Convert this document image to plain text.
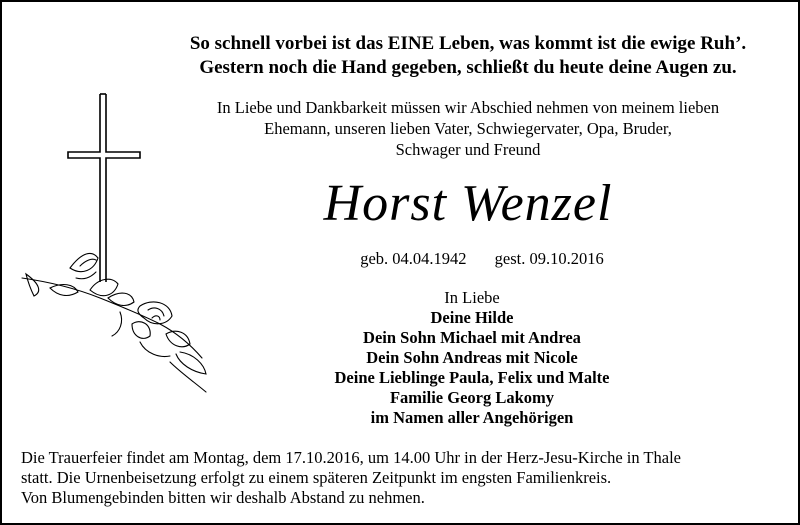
So schnell vorbei ist das EINE Leben, was kommt ist die ewige Ruh’.
Gestern noch die Hand gegeben, schließt du heute deine Augen zu.
In Liebe und Dankbarkeit müssen wir Abschied nehmen von meinem lieben
Ehemann, unseren lieben Vater, Schwiegervater, Opa, Bruder,
Schwager und Freund
Horst Wenzel
geb. 04.04.1942 gest. 09.10.2016
In Liebe
Deine Hilde
Dein Sohn Michael mit Andrea
Dein Sohn Andreas mit Nicole
Deine Lieblinge Paula, Felix und Malte
Familie Georg Lakomy
im Namen aller Angehörigen
Die Trauerfeier findet am Montag, dem 17.10.2016, um 14.00 Uhr in der Herz-Jesu-Kirche in Thale
statt. Die Urnenbeisetzung erfolgt zu einem späteren Zeitpunkt im engsten Familienkreis.
Von Blumengebinden bitten wir deshalb Abstand zu nehmen.
